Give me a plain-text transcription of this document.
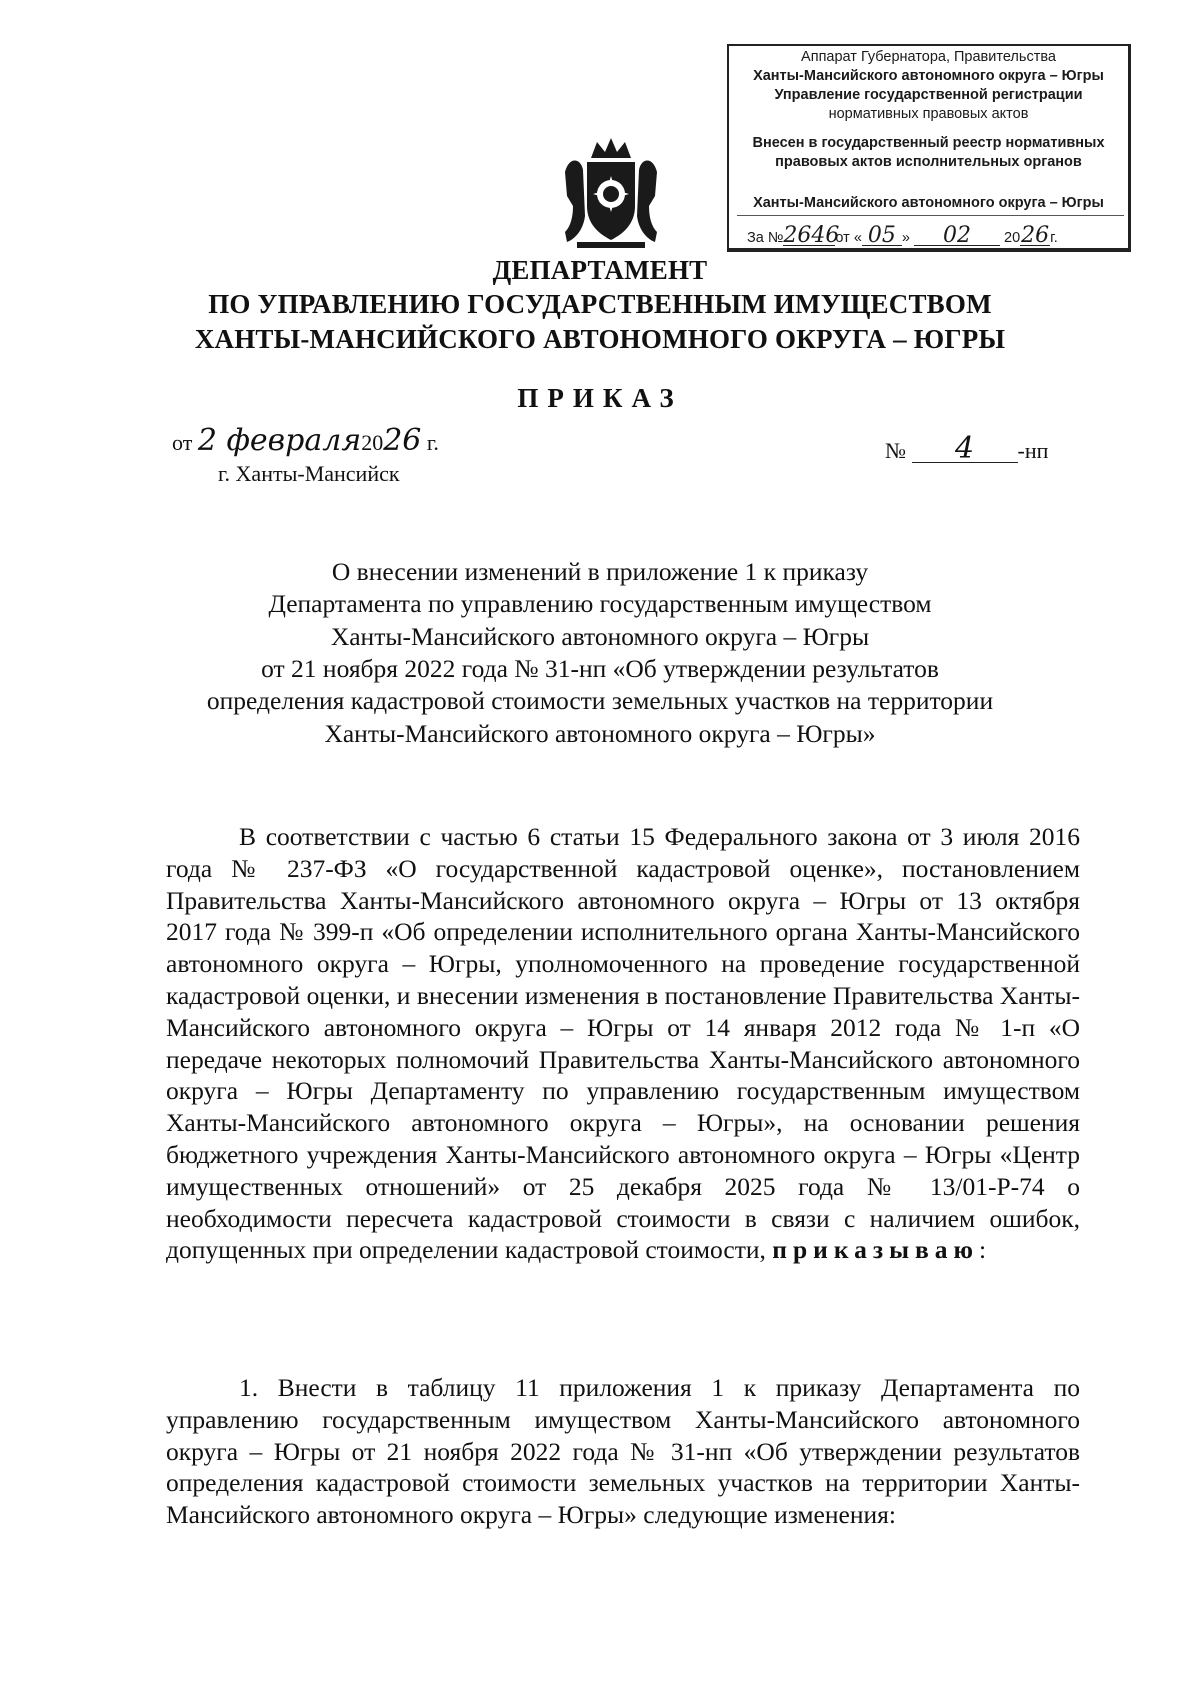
Аппарат Губернатора, Правительства
Ханты-Мансийского автономного округа – Югры
Управление государственной регистрации
нормативных правовых актов
Внесен в государственный реестр нормативных
правовых актов исполнительных органов
Ханты-Мансийского автономного округа – Югры
За №2646от « 05 » 02 2026г.
ДЕПАРТАМЕНТ
ПО УПРАВЛЕНИЮ ГОСУДАРСТВЕННЫМ ИМУЩЕСТВОМ
ХАНТЫ-МАНСИЙСКОГО АВТОНОМНОГО ОКРУГА – ЮГРЫ
ПРИКАЗ
от 2 февраля2026 г.
г. Ханты-Мансийск
№ 4 -нп
О внесении изменений в приложение 1 к приказу
Департамента по управлению государственным имуществом
Ханты-Мансийского автономного округа – Югры
от 21 ноября 2022 года № 31-нп «Об утверждении результатов
определения кадастровой стоимости земельных участков на территории
Ханты-Мансийского автономного округа – Югры»
В соответствии с частью 6 статьи 15 Федерального закона от 3 июля 2016 года № 237-ФЗ «О государственной кадастровой оценке», постановлением Правительства Ханты-Мансийского автономного округа – Югры от 13 октября 2017 года № 399-п «Об определении исполнительного органа Ханты-Мансийского автономного округа – Югры, уполномоченного на проведение государственной кадастровой оценки, и внесении изменения в постановление Правительства Ханты-Мансийского автономного округа – Югры от 14 января 2012 года № 1-п «О передаче некоторых полномочий Правительства Ханты-Мансийского автономного округа – Югры Департаменту по управлению государственным имуществом Ханты-Мансийского автономного округа – Югры», на основании решения бюджетного учреждения Ханты-Мансийского автономного округа – Югры «Центр имущественных отношений» от 25 декабря 2025 года № 13/01-Р-74 о необходимости пересчета кадастровой стоимости в связи с наличием ошибок, допущенных при определении кадастровой стоимости, приказываю:
1. Внести в таблицу 11 приложения 1 к приказу Департамента по управлению государственным имуществом Ханты-Мансийского автономного округа – Югры от 21 ноября 2022 года № 31-нп «Об утверждении результатов определения кадастровой стоимости земельных участков на территории Ханты-Мансийского автономного округа – Югры» следующие изменения:
